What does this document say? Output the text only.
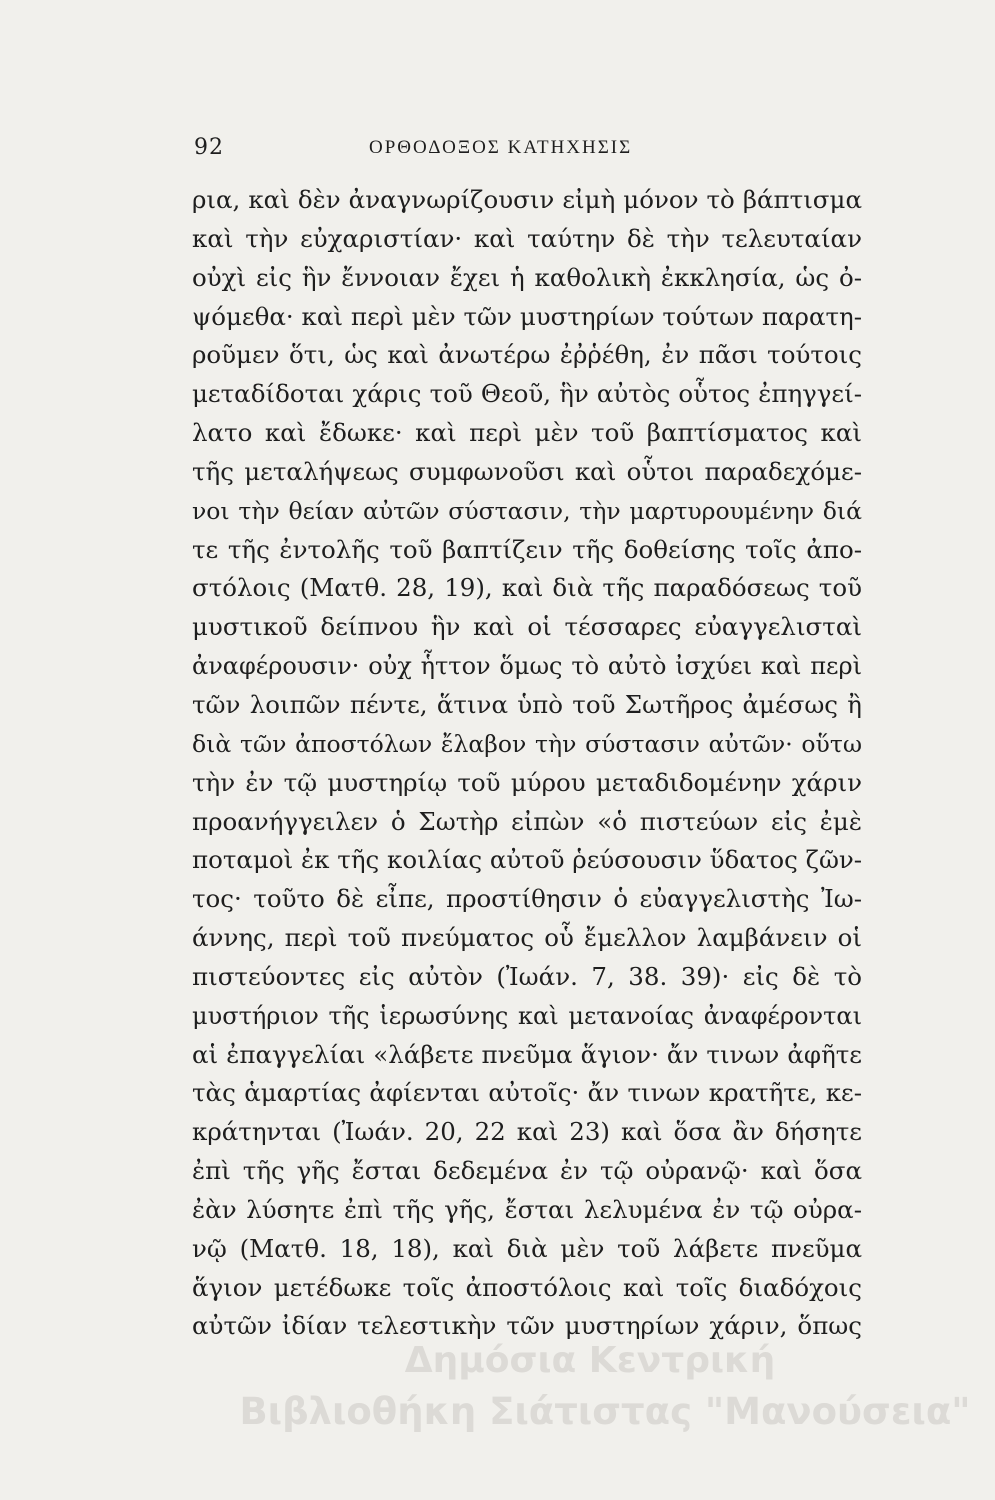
92	ΟΡΘΟΔΟΞΟΣ ΚΑΤΗΧΗΣΙΣ
ρια, καὶ δὲν ἀναγνωρίζουσιν εἰμὴ μόνον τὸ βάπτισμα
καὶ τὴν εὐχαριστίαν· καὶ ταύτην δὲ τὴν τελευταίαν
οὐχὶ εἰς ἣν ἔννοιαν ἔχει ἡ καθολικὴ ἐκκλησία, ὡς ὀ-
ψόμεθα· καὶ περὶ μὲν τῶν μυστηρίων τούτων παρατη-
ροῦμεν ὅτι, ὡς καὶ ἀνωτέρω ἐῤῥέθη, ἐν πᾶσι τούτοις
μεταδίδοται χάρις τοῦ Θεοῦ, ἣν αὐτὸς οὗτος ἐπηγγεί-
λατο καὶ ἔδωκε· καὶ περὶ μὲν τοῦ βαπτίσματος καὶ
τῆς μεταλήψεως συμφωνοῦσι καὶ οὗτοι παραδεχόμε-
νοι τὴν θείαν αὐτῶν σύστασιν, τὴν μαρτυρουμένην διά
τε τῆς ἐντολῆς τοῦ βαπτίζειν τῆς δοθείσης τοῖς ἀπο-
στόλοις (Ματθ. 28, 19), καὶ διὰ τῆς παραδόσεως τοῦ
μυστικοῦ δείπνου ἣν καὶ οἱ τέσσαρες εὐαγγελισταὶ
ἀναφέρουσιν· οὐχ ἧττον ὅμως τὸ αὐτὸ ἰσχύει καὶ περὶ
τῶν λοιπῶν πέντε, ἅτινα ὑπὸ τοῦ Σωτῆρος ἀμέσως ἢ
διὰ τῶν ἀποστόλων ἔλαβον τὴν σύστασιν αὐτῶν· οὕτω
τὴν ἐν τῷ μυστηρίῳ τοῦ μύρου μεταδιδομένην χάριν
προανήγγειλεν ὁ Σωτὴρ εἰπὼν «ὁ πιστεύων εἰς ἐμὲ
ποταμοὶ ἐκ τῆς κοιλίας αὐτοῦ ῥεύσουσιν ὕδατος ζῶν-
τος· τοῦτο δὲ εἶπε, προστίθησιν ὁ εὐαγγελιστὴς Ἰω-
άννης, περὶ τοῦ πνεύματος οὗ ἔμελλον λαμβάνειν οἱ
πιστεύοντες εἰς αὐτὸν (Ἰωάν. 7, 38. 39)· εἰς δὲ τὸ
μυστήριον τῆς ἱερωσύνης καὶ μετανοίας ἀναφέρονται
αἱ ἐπαγγελίαι «λάβετε πνεῦμα ἅγιον· ἄν τινων ἀφῆτε
τὰς ἁμαρτίας ἀφίενται αὐτοῖς· ἄν τινων κρατῆτε, κε-
κράτηνται (Ἰωάν. 20, 22 καὶ 23) καὶ ὅσα ἂν δήσητε
ἐπὶ τῆς γῆς ἔσται δεδεμένα ἐν τῷ οὐρανῷ· καὶ ὅσα
ἐὰν λύσητε ἐπὶ τῆς γῆς, ἔσται λελυμένα ἐν τῷ οὐρα-
νῷ (Ματθ. 18, 18), καὶ διὰ μὲν τοῦ λάβετε πνεῦμα
ἅγιον μετέδωκε τοῖς ἀποστόλοις καὶ τοῖς διαδόχοις
αὐτῶν ἰδίαν τελεστικὴν τῶν μυστηρίων χάριν, ὅπως
Δημόσια Κεντρική
Βιβλιοθήκη Σιάτιστας "Μανούσεια"
